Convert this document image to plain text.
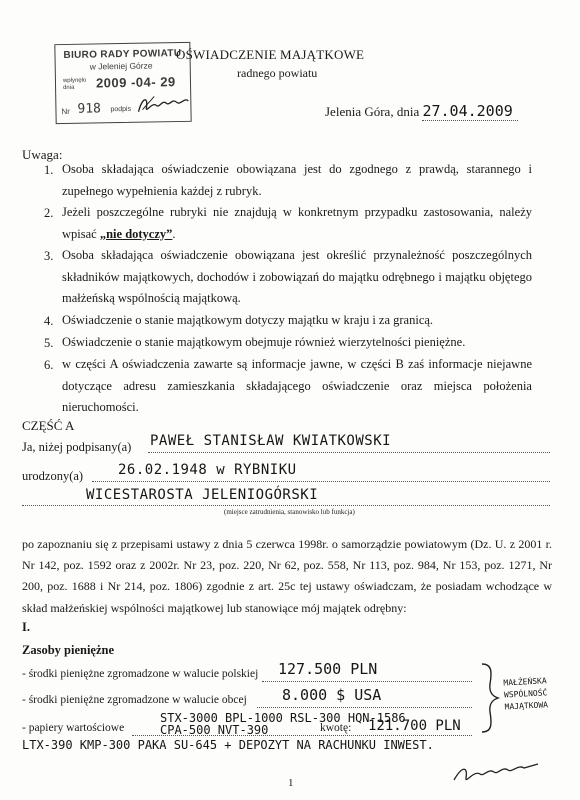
BIURO RADY POWIATU
w Jeleniej Górze
wpłynęło dnia	2009 -04- 29
Nr 918 podpis
OŚWIADCZENIE MAJĄTKOWE
radnego powiatu
Jelenia Góra, dnia 27.04.2009
Uwaga:
1. Osoba składająca oświadczenie obowiązana jest do zgodnego z prawdą, starannego i zupełnego wypełnienia każdej z rubryk.
2. Jeżeli poszczególne rubryki nie znajdują w konkretnym przypadku zastosowania, należy wpisać „nie dotyczy”.
3. Osoba składająca oświadczenie obowiązana jest określić przynależność poszczególnych składników majątkowych, dochodów i zobowiązań do majątku odrębnego i majątku objętego małżeńską wspólnością majątkową.
4. Oświadczenie o stanie majątkowym dotyczy majątku w kraju i za granicą.
5. Oświadczenie o stanie majątkowym obejmuje również wierzytelności pieniężne.
6. w części A oświadczenia zawarte są informacje jawne, w części B zaś informacje niejawne dotyczące adresu zamieszkania składającego oświadczenie oraz miejsca położenia nieruchomości.
CZĘŚĆ A
Ja, niżej podpisany(a) PAWEŁ STANISŁAW KWIATKOWSKI
urodzony(a) 26.02.1948 w RYBNIKU
WICESTAROSTA JELENIOGÓRSKI
(miejsce zatrudnienia, stanowisko lub funkcja)
po zapoznaniu się z przepisami ustawy z dnia 5 czerwca 1998r. o samorządzie powiatowym (Dz. U. z 2001 r. Nr 142, poz. 1592 oraz z 2002r. Nr 23, poz. 220, Nr 62, poz. 558, Nr 113, poz. 984, Nr 153, poz. 1271, Nr 200, poz. 1688 i Nr 214, poz. 1806) zgodnie z art. 25c tej ustawy oświadczam, że posiadam wchodzące w skład małżeńskiej wspólności majątkowej lub stanowiące mój majątek odrębny:
I.
Zasoby pieniężne
- środki pieniężne zgromadzone w walucie polskiej 127.500 PLN
- środki pieniężne zgromadzone w walucie obcej 8.000 $ USA
STX-3000 BPL-1000 RSL-300 HQN-1586
- papiery wartościowe	CPA-500 NVT-390	kwotę: 121.700 PLN
LTX-390 KMP-300 PAKA SU-645 + DEPOZYT NA RACHUNKU INWEST.
MAŁŻEŃSKA WSPÓLNOŚĆ MAJĄTKOWA
1
